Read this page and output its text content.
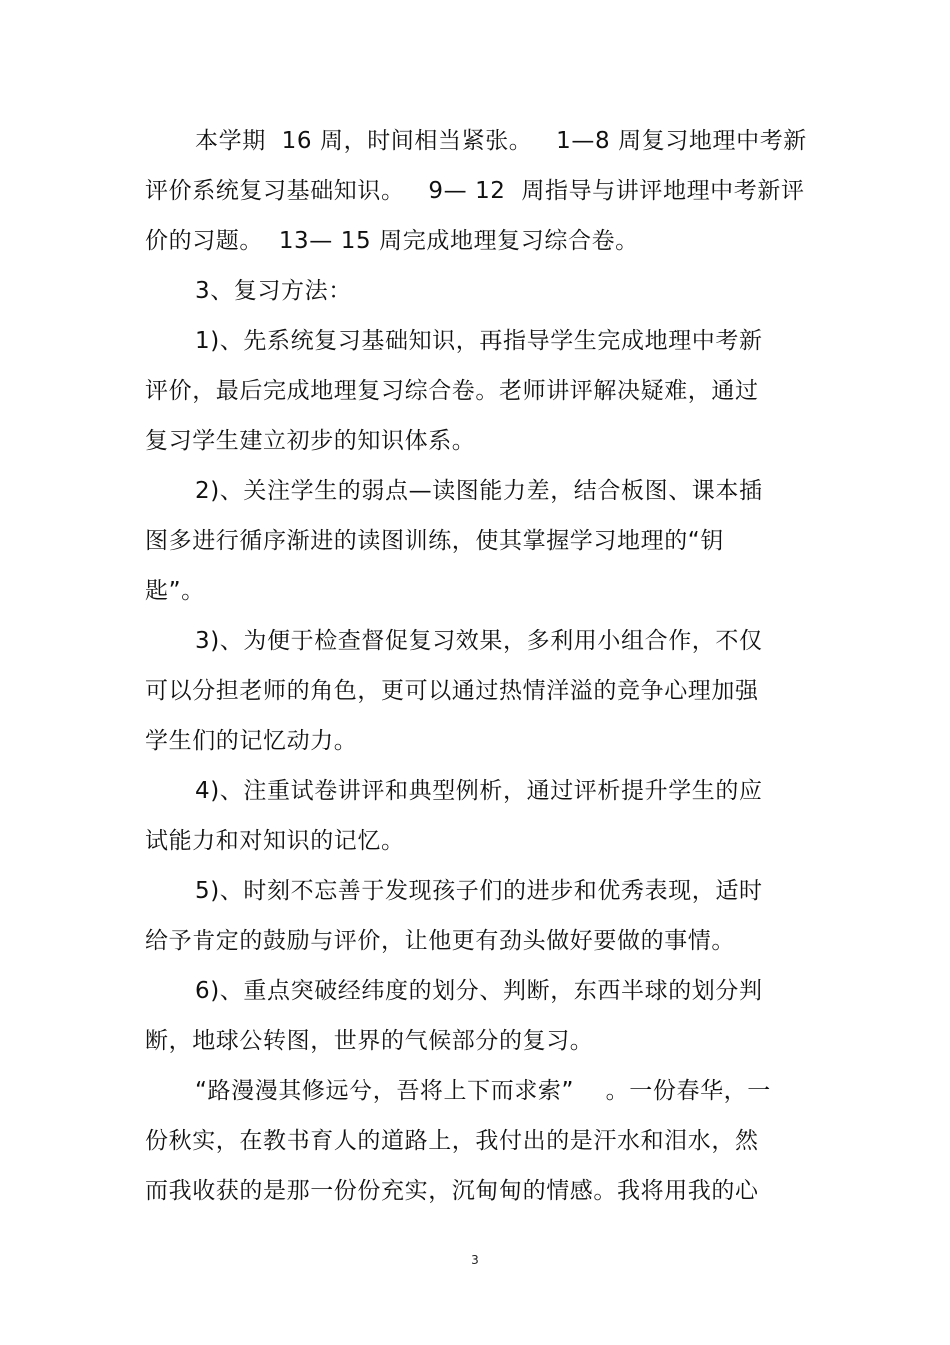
本学期  16 周，时间相当紧张。   1—8 周复习地理中考新
评价系统复习基础知识。   9— 12  周指导与讲评地理中考新评
价的习题。  13— 15 周完成地理复习综合卷。
3、复习方法：
1)、先系统复习基础知识，再指导学生完成地理中考新
评价，最后完成地理复习综合卷。老师讲评解决疑难，通过
复习学生建立初步的知识体系。
2)、关注学生的弱点—读图能力差，结合板图、课本插
图多进行循序渐进的读图训练，使其掌握学习地理的“钥
匙”。
3)、为便于检查督促复习效果，多利用小组合作，不仅
可以分担老师的角色，更可以通过热情洋溢的竞争心理加强
学生们的记忆动力。
4)、注重试卷讲评和典型例析，通过评析提升学生的应
试能力和对知识的记忆。
5)、时刻不忘善于发现孩子们的进步和优秀表现，适时
给予肯定的鼓励与评价，让他更有劲头做好要做的事情。
6)、重点突破经纬度的划分、判断，东西半球的划分判
断，地球公转图，世界的气候部分的复习。
“路漫漫其修远兮，吾将上下而求索”    。一份春华，一
份秋实，在教书育人的道路上，我付出的是汗水和泪水，然
而我收获的是那一份份充实，沉甸甸的情感。我将用我的心
3
